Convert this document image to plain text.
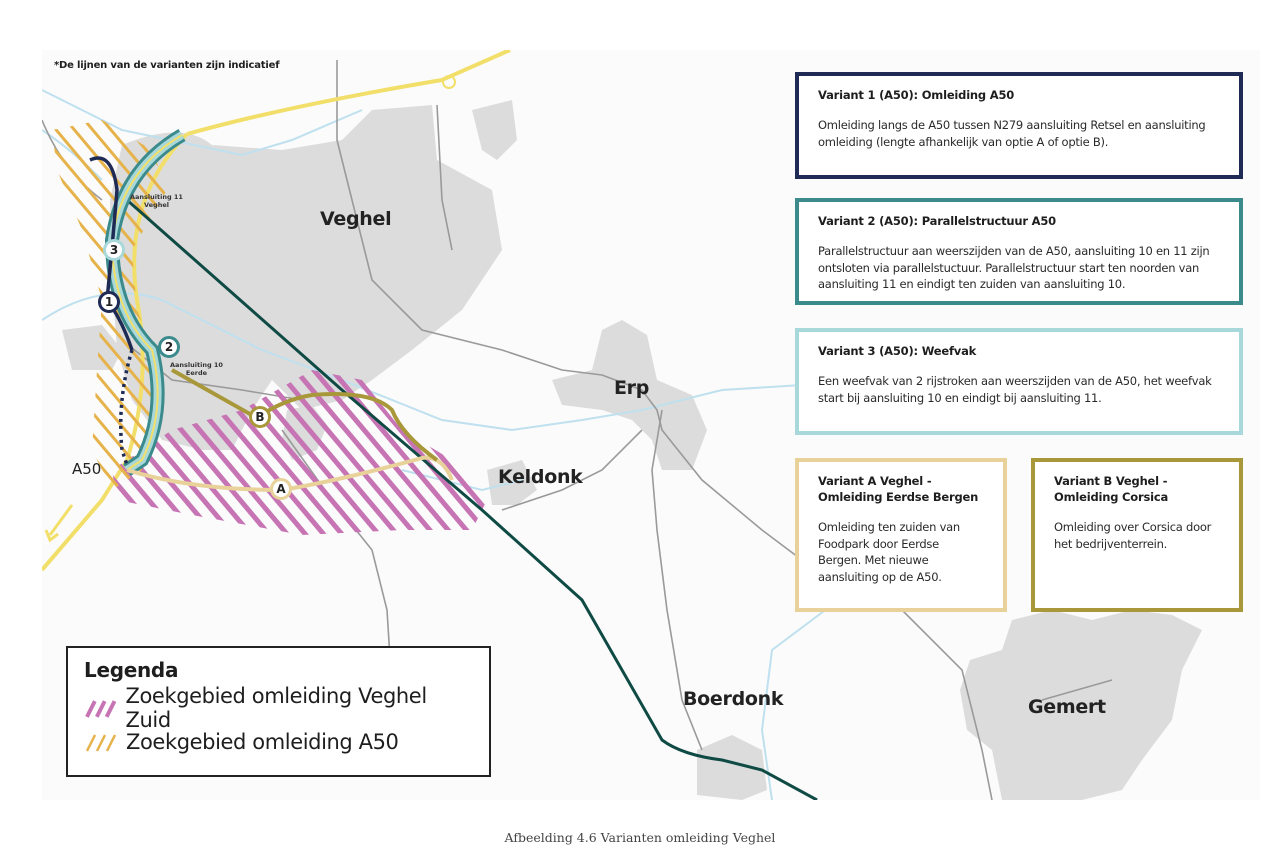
*De lijnen van de varianten zijn indicatief
Veghel
Erp
Keldonk
Boerdonk	Gemert
A50
Aansluiting 11
Veghel
Aansluiting 10
Eerde
3
1
2
B
A
Variant 1 (A50): Omleiding A50

Omleiding langs de A50 tussen N279 aansluiting Retsel en aansluiting omleiding (lengte afhankelijk van optie A of optie B).

Variant 2 (A50): Parallelstructuur A50

Parallelstructuur aan weerszijden van de A50, aansluiting 10 en 11 zijn ontsloten via parallelstuctuur. Parallelstructuur start ten noorden van aansluiting 11 en eindigt ten zuiden van aansluiting 10.

Variant 3 (A50): Weefvak

Een weefvak van 2 rijstroken aan weerszijden van de A50, het weefvak start bij aansluiting 10 en eindigt bij aansluiting 11.

Variant A Veghel - Omleiding Eerdse Bergen

Omleiding ten zuiden van Foodpark door Eerdse Bergen. Met nieuwe aansluiting op de A50.

Variant B Veghel - Omleiding Corsica

Omleiding over Corsica door het bedrijventerrein.

Legenda
Zoekgebied omleiding Veghel Zuid
Zoekgebied omleiding A50
Afbeelding 4.6 Varianten omleiding Veghel
